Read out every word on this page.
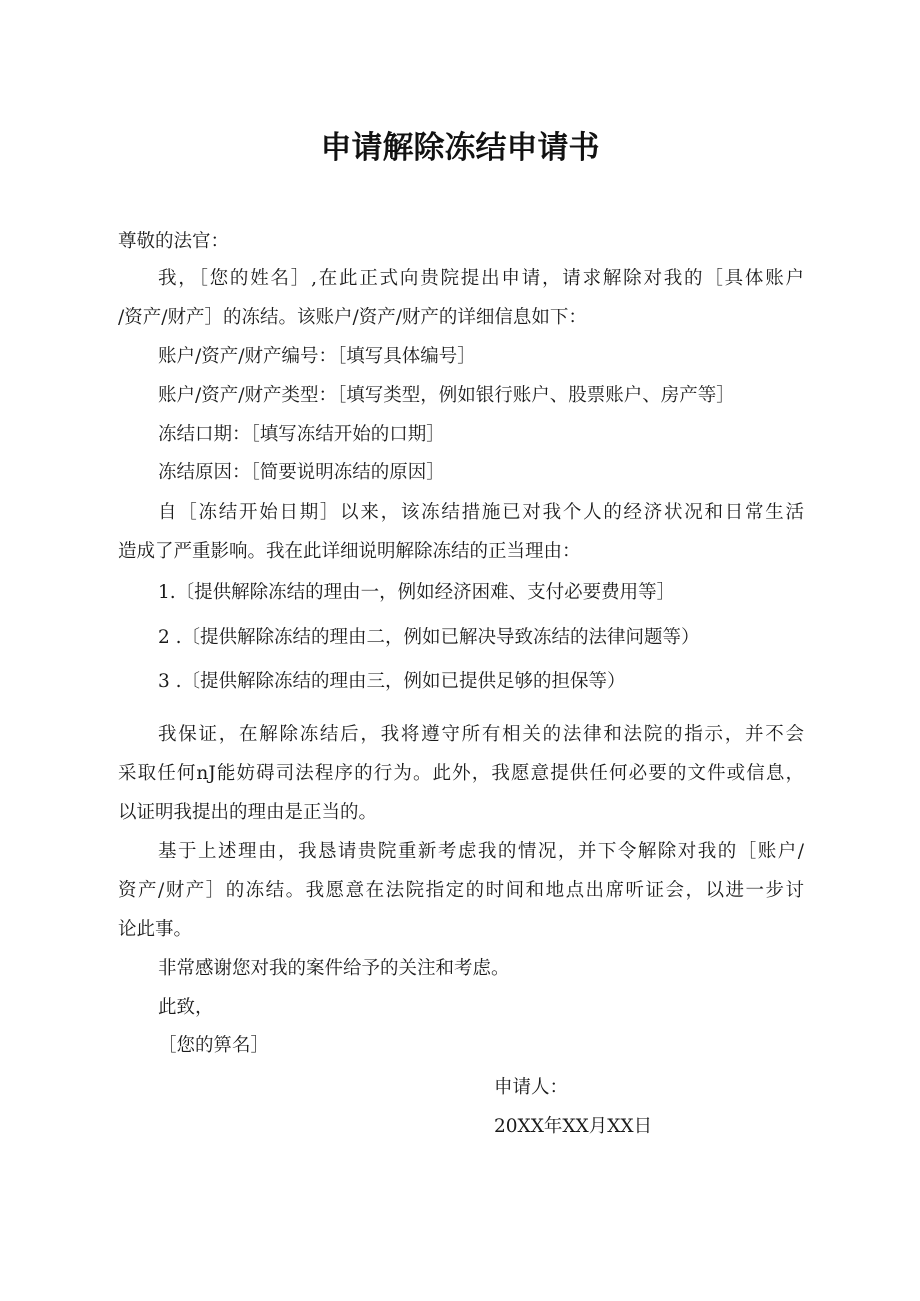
申请解除冻结申请书
尊敬的法官：
我，［您的姓名］,在此正式向贵院提出申请，请求解除对我的［具体账户
/资产/财产］的冻结。该账户/资产/财产的详细信息如下：
账户/资产/财产编号：［填写具体编号］
账户/资产/财产类型：［填写类型，例如银行账户、股票账户、房产等］
冻结口期：［填写冻结开始的口期］
冻结原因：［简要说明冻结的原因］
自［冻结开始日期］以来，该冻结措施已对我个人的经济状况和日常生活
造成了严重影响。我在此详细说明解除冻结的正当理由：
1.〔提供解除冻结的理由一，例如经济困难、支付必要费用等］
2 .〔提供解除冻结的理由二，例如已解决导致冻结的法律问题等）
3 .〔提供解除冻结的理由三，例如已提供足够的担保等）
我保证，在解除冻结后，我将遵守所有相关的法律和法院的指示，并不会
采取任何nJ能妨碍司法程序的行为。此外，我愿意提供任何必要的文件或信息，
以证明我提出的理由是正当的。
基于上述理由，我恳请贵院重新考虑我的情况，并下令解除对我的［账户/
资产/财产］的冻结。我愿意在法院指定的时间和地点出席听证会，以进一步讨
论此事。
非常感谢您对我的案件给予的关注和考虑。
此致，
［您的箅名］
申请人：
20XX年XX月XX日
